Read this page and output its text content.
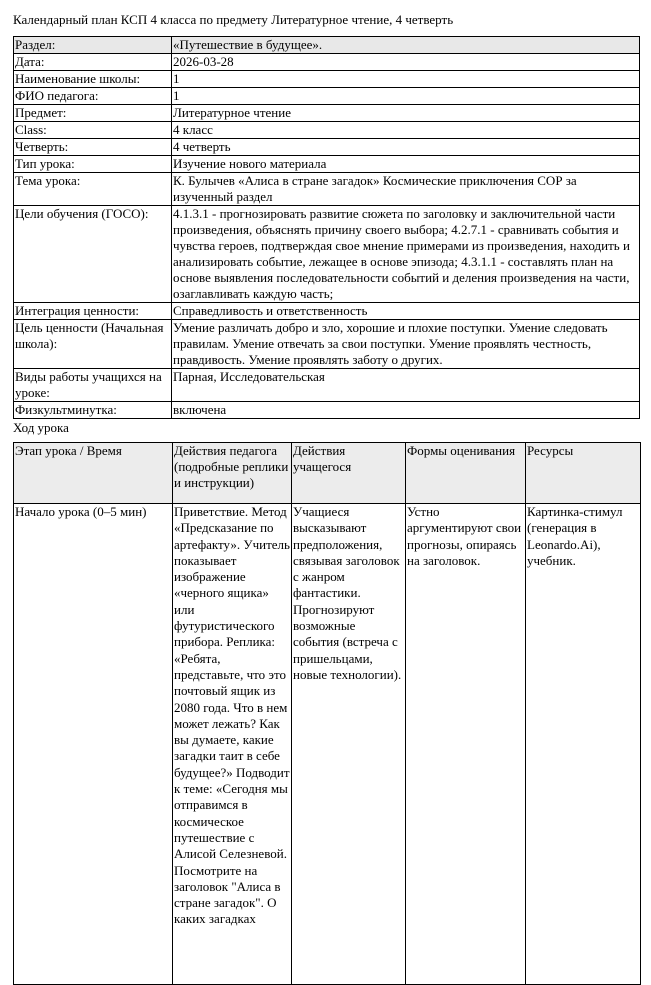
Календарный план КСП 4 класса по предмету Литературное чтение, 4 четверть
Раздел:	«Путешествие в будущее».
Дата:	2026-03-28
Наименование школы:	1
ФИО педагога:	1
Предмет:	Литературное чтение
Class:	4 класс
Четверть:	4 четверть
Тип урока:	Изучение нового материала
Тема урока:	К. Булычев «Алиса в стране загадок» Космические приключения СОР за изученный раздел
Цели обучения (ГОСО):	4.1.3.1 - прогнозировать развитие сюжета по заголовку и заключительной части произведения, объяснять причину своего выбора; 4.2.7.1 - сравнивать события и чувства героев, подтверждая свое мнение примерами из произведения, находить и анализировать событие, лежащее в основе эпизода; 4.3.1.1 - составлять план на основе выявления последовательности событий и деления произведения на части, озаглавливать каждую часть;
Интеграция ценности:	Справедливость и ответственность
Цель ценности (Начальная школа):	Умение различать добро и зло, хорошие и плохие поступки. Умение следовать правилам. Умение отвечать за свои поступки. Умение проявлять честность, правдивость. Умение проявлять заботу о других.
Виды работы учащихся на уроке:	Парная, Исследовательская
Физкультминутка:	включена
Ход урока
Этап урока / Время	Действия педагога (подробные реплики и инструкции)	Действия учащегося	Формы оценивания	Ресурсы
Начало урока (0–5 мин)	Приветствие. Метод «Предсказание по артефакту». Учитель показывает изображение «черного ящика» или футуристического прибора. Реплика: «Ребята, представьте, что это почтовый ящик из 2080 года. Что в нем может лежать? Как вы думаете, какие загадки таит в себе будущее?» Подводит к теме: «Сегодня мы отправимся в космическое путешествие с Алисой Селезневой. Посмотрите на заголовок "Алиса в стране загадок". О каких загадках	Учащиеся высказывают предположения, связывая заголовок с жанром фантастики. Прогнозируют возможные события (встреча с пришельцами, новые технологии).	Устно аргументируют свои прогнозы, опираясь на заголовок.	Картинка-стимул (генерация в Leonardo.Ai), учебник.
